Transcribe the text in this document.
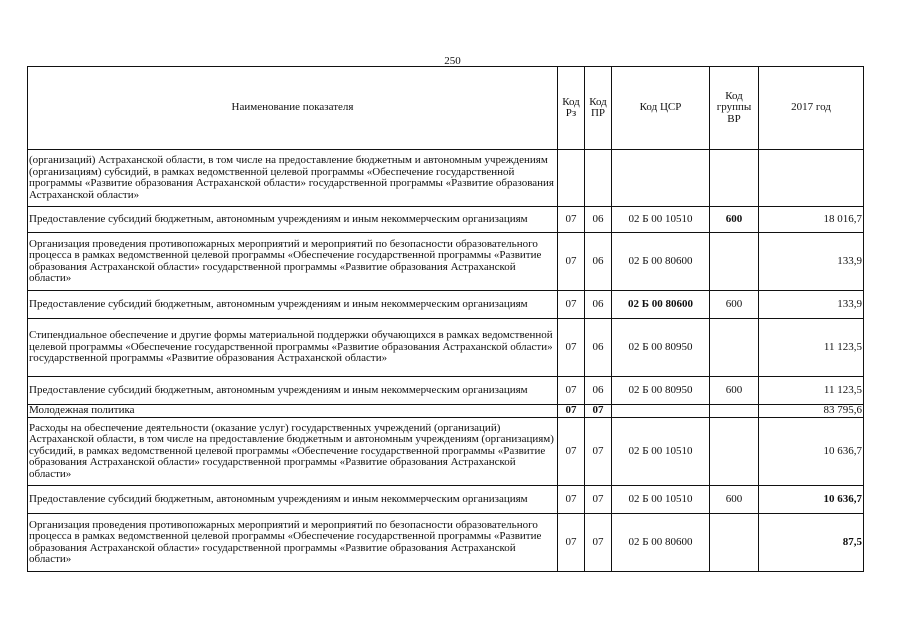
250
Наименование показателя	Код Рз	Код ПР	Код ЦСР	Код группы ВР	2017 год
(организаций) Астраханской области, в том числе на предоставление бюджетным и автономным учреждениям (организациям) субсидий, в рамках ведомственной целевой программы «Обеспечение государственной программы «Развитие образования Астраханской области» государственной программы «Развитие образования Астраханской области»					
Предоставление субсидий бюджетным, автономным учреждениям и иным некоммерческим организациям	07	06	02 Б 00 10510	600	18 016,7
Организация проведения противопожарных мероприятий и мероприятий по безопасности образовательного процесса в рамках ведомственной целевой программы «Обеспечение государственной программы «Развитие образования Астраханской области» государственной программы «Развитие образования Астраханской области»	07	06	02 Б 00 80600		133,9
Предоставление субсидий бюджетным, автономным учреждениям и иным некоммерческим организациям	07	06	02 Б 00 80600	600	133,9
Стипендиальное обеспечение и другие формы материальной поддержки обучающихся в рамках ведомственной целевой программы «Обеспечение государственной программы «Развитие образования Астраханской области» государственной программы «Развитие образования Астраханской области»	07	06	02 Б 00 80950		11 123,5
Предоставление субсидий бюджетным, автономным учреждениям и иным некоммерческим организациям	07	06	02 Б 00 80950	600	11 123,5
Молодежная политика	07	07			83 795,6
Расходы на обеспечение деятельности (оказание услуг) государственных учреждений (организаций) Астраханской области, в том числе на предоставление бюджетным и автономным учреждениям (организациям) субсидий, в рамках ведомственной целевой программы «Обеспечение государственной программы «Развитие образования Астраханской области» государственной программы «Развитие образования Астраханской области»	07	07	02 Б 00 10510		10 636,7
Предоставление субсидий бюджетным, автономным учреждениям и иным некоммерческим организациям	07	07	02 Б 00 10510	600	10 636,7
Организация проведения противопожарных мероприятий и мероприятий по безопасности образовательного процесса в рамках ведомственной целевой программы «Обеспечение государственной программы «Развитие образования Астраханской области» государственной программы «Развитие образования Астраханской области»	07	07	02 Б 00 80600		87,5
